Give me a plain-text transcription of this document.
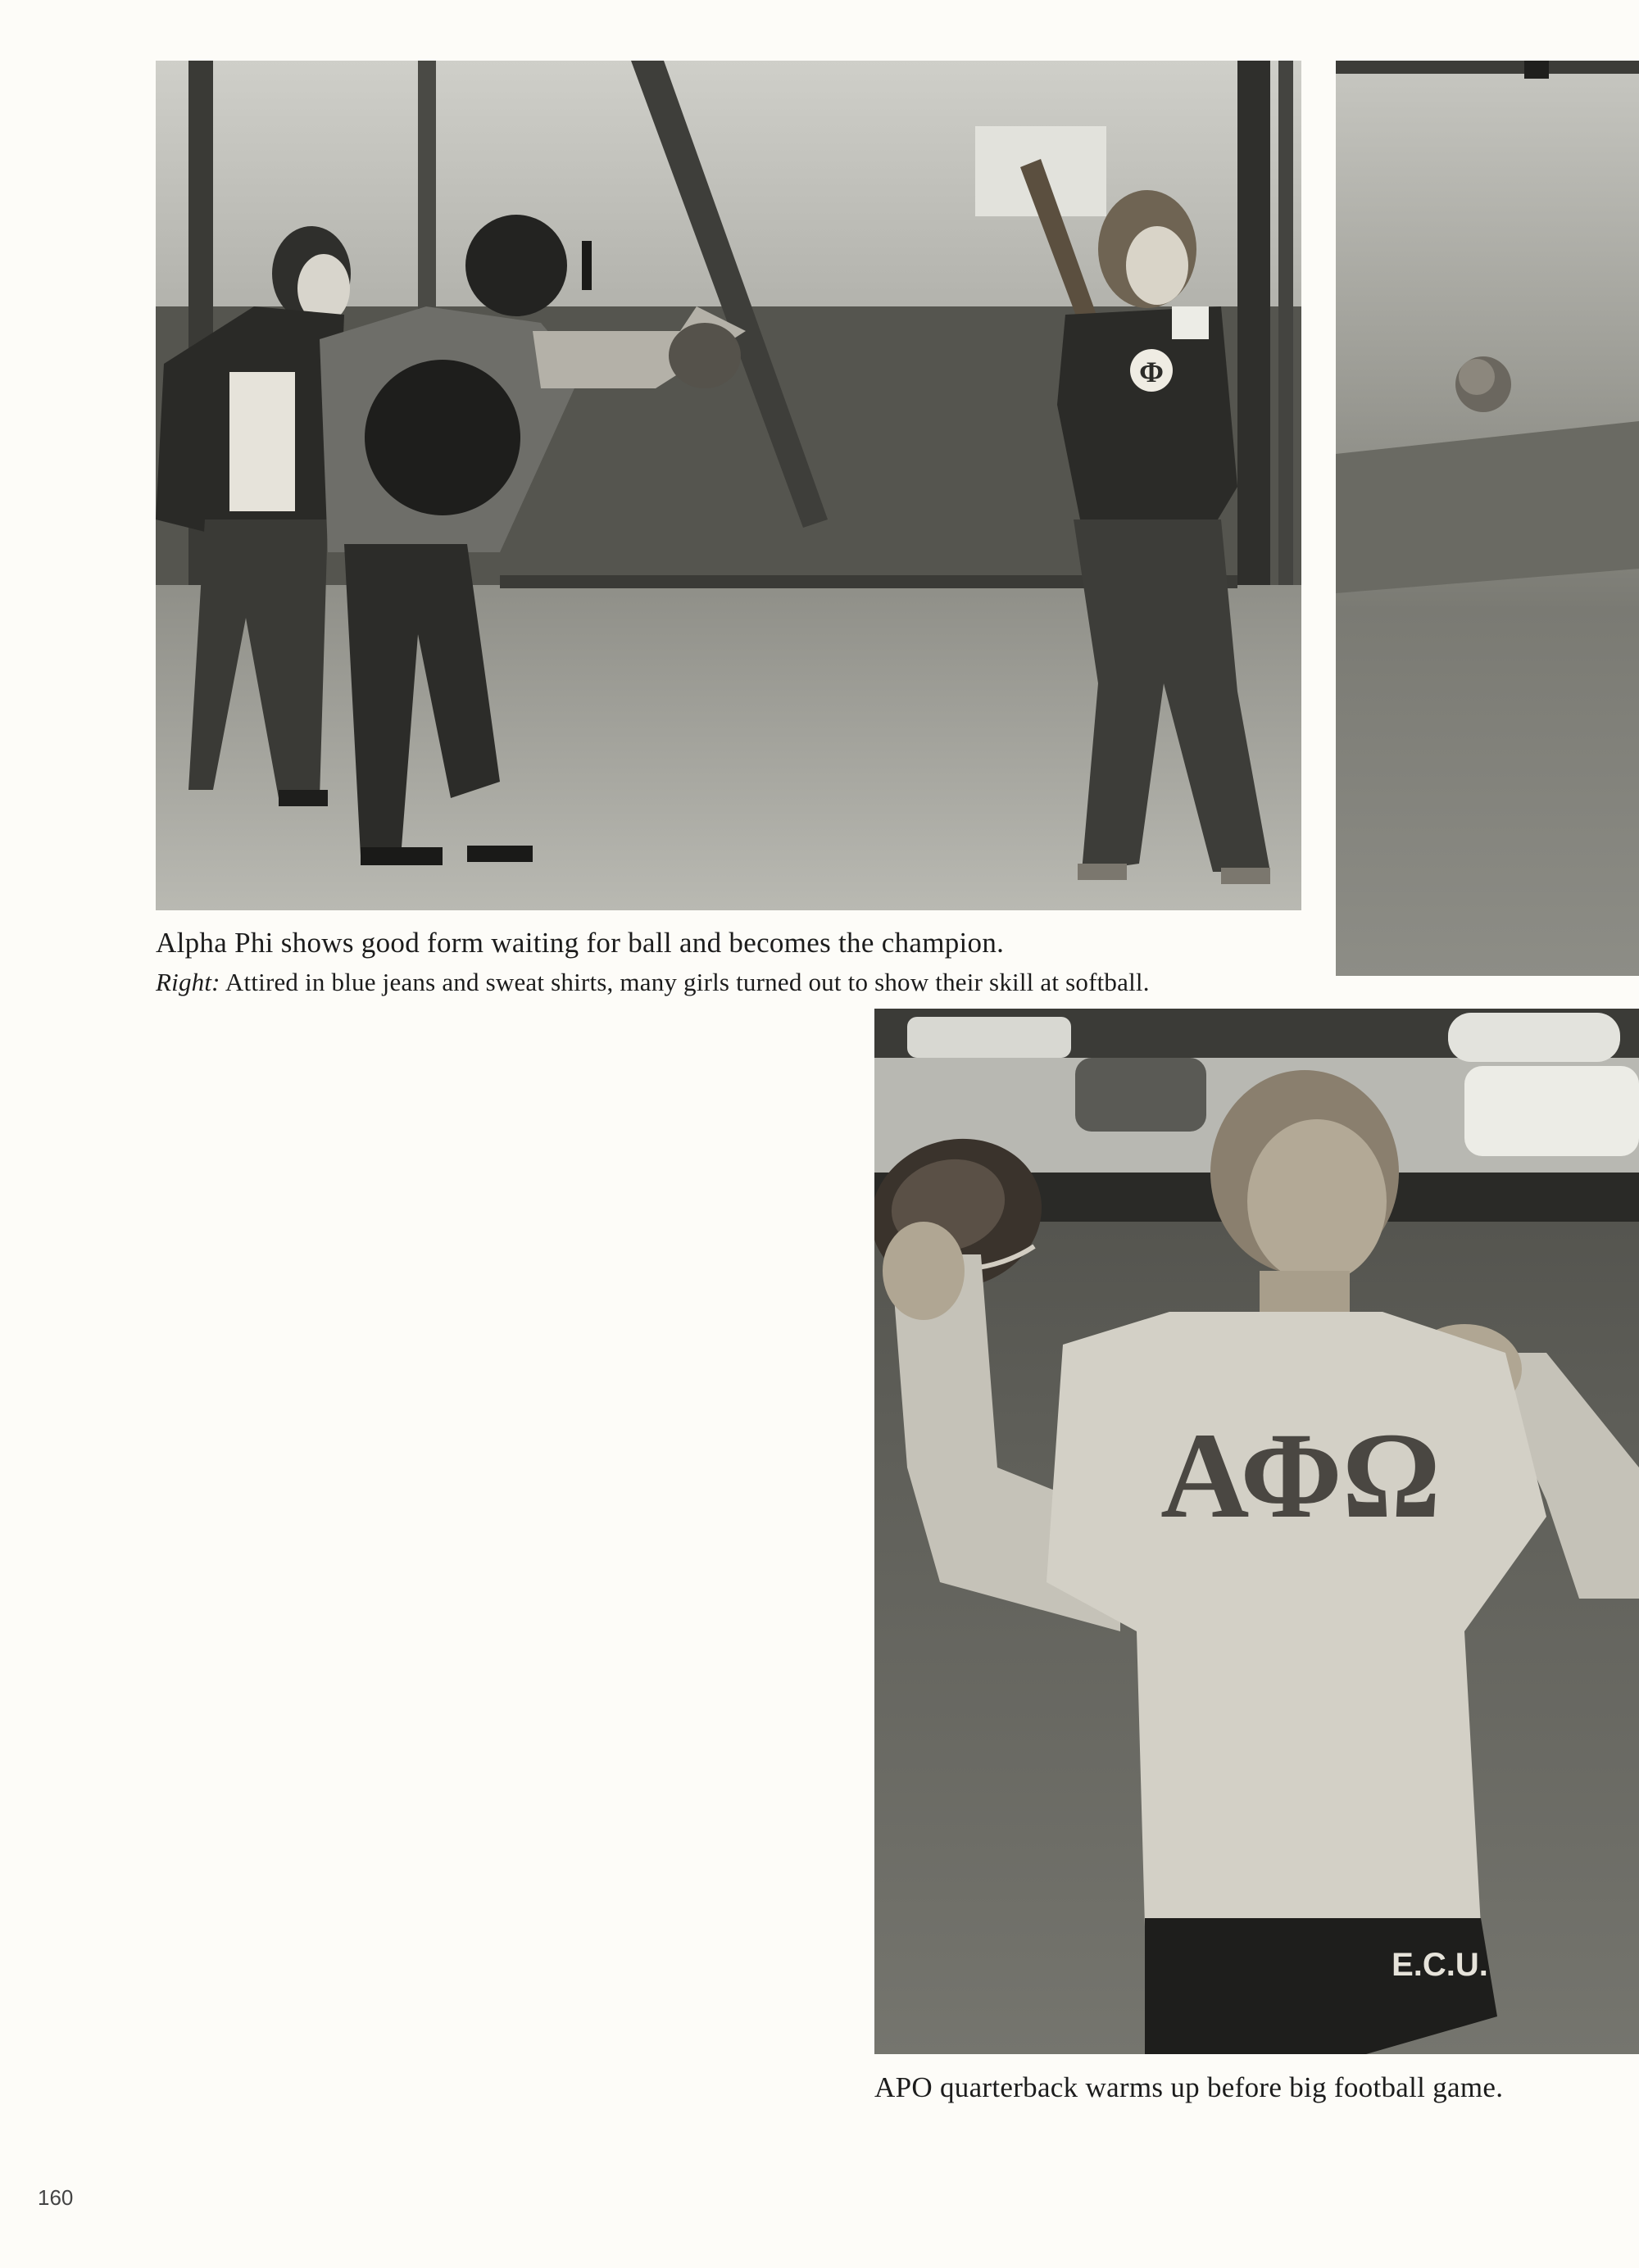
Φ
ΑΦΩ
E.C.U.
Alpha Phi shows good form waiting for ball and becomes the champion.
Right: Attired in blue jeans and sweat shirts, many girls turned out to show their skill at softball.
APO quarterback warms up before big football game.
160
